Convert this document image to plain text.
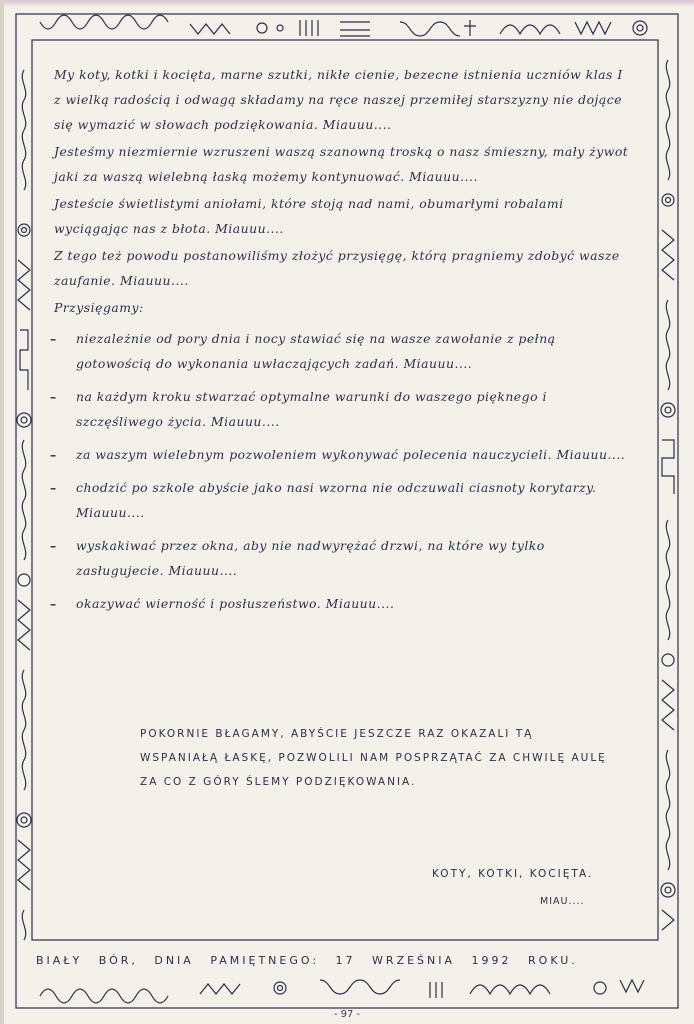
My koty, kotki i kocięta, marne szutki, nikłe cienie, bezecne istnienia uczniów klas I z wielką radością i odwagą składamy na ręce naszej przemiłej starszyzny nie dojące się wymazić w słowach podziękowania. Miauuu....

Jesteśmy niezmiernie wzruszeni waszą szanowną troską o nasz śmieszny, mały żywot jaki za waszą wielebną łaską możemy kontynuować. Miauuu....

Jesteście świetlistymi aniołami, które stoją nad nami, obumarłymi robalami wyciągając nas z błota. Miauuu....

Z tego też powodu postanowiliśmy złożyć przysięgę, którą pragniemy zdobyć wasze zaufanie. Miauuu....

Przysięgamy:

– niezależnie od pory dnia i nocy stawiać się na wasze zawołanie z pełną gotowością do wykonania uwłaczających zadań. Miauuu....
– na każdym kroku stwarzać optymalne warunki do waszego pięknego i szczęśliwego życia. Miauuu....
– za waszym wielebnym pozwoleniem wykonywać polecenia nauczycieli. Miauuu....
– chodzić po szkole abyście jako nasi wzorna nie odczuwali ciasnoty korytarzy. Miauuu....
– wyskakiwać przez okna, aby nie nadwyrężać drzwi, na które wy tylko zasługujecie. Miauuu....
– okazywać wierność i posłuszeństwo. Miauuu....
POKORNIE BŁAGAMY, ABYŚCIE JESZCZE RAZ OKAZALI TĄ WSPANIAŁĄ ŁASKĘ, POZWOLILI NAM POSPRZĄTAĆ ZA CHWILĘ AULĘ ZA CO Z GÓRY ŚLEMY PODZIĘKOWANIA.
KOTY, KOTKI, KOCIĘTA.
MIAU....
BIAŁY BÓR, DNIA PAMIĘTNEGO: 17 WRZEŚNIA 1992 ROKU.
- 97 -
